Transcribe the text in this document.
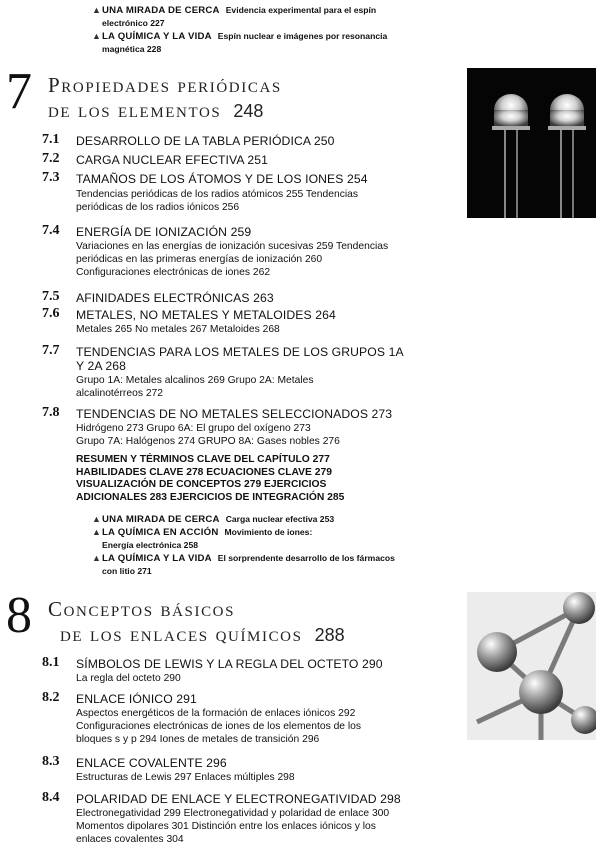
▲UNA MIRADA DE CERCA Evidencia experimental para el espín
electrónico 227
▲LA QUÍMICA Y LA VIDA Espín nuclear e imágenes por resonancia
magnética 228
7 Propiedades periódicas
de los elementos 248
7.1 DESARROLLO DE LA TABLA PERIÓDICA 250
7.2 CARGA NUCLEAR EFECTIVA 251
7.3 TAMAÑOS DE LOS ÁTOMOS Y DE LOS IONES 254
Tendencias periódicas de los radios atómicos 255 Tendencias
periódicas de los radios iónicos 256
7.4 ENERGÍA DE IONIZACIÓN 259
Variaciones en las energías de ionización sucesivas 259 Tendencias
periódicas en las primeras energías de ionización 260
Configuraciones electrónicas de iones 262
7.5 AFINIDADES ELECTRÓNICAS 263
7.6 METALES, NO METALES Y METALOIDES 264
Metales 265 No metales 267 Metaloides 268
7.7 TENDENCIAS PARA LOS METALES DE LOS GRUPOS 1A
Y 2A 268
Grupo 1A: Metales alcalinos 269 Grupo 2A: Metales
alcalinotérreos 272
7.8 TENDENCIAS DE NO METALES SELECCIONADOS 273
Hidrógeno 273 Grupo 6A: El grupo del oxígeno 273
Grupo 7A: Halógenos 274 GRUPO 8A: Gases nobles 276
RESUMEN Y TÉRMINOS CLAVE DEL CAPÍTULO 277
HABILIDADES CLAVE 278 ECUACIONES CLAVE 279
VISUALIZACIÓN DE CONCEPTOS 279 EJERCICIOS
ADICIONALES 283 EJERCICIOS DE INTEGRACIÓN 285
▲UNA MIRADA DE CERCA Carga nuclear efectiva 253
▲LA QUÍMICA EN ACCIÓN Movimiento de iones:
Energía electrónica 258
▲LA QUÍMICA Y LA VIDA El sorprendente desarrollo de los fármacos
con litio 271
8 Conceptos básicos
de los enlaces químicos 288
8.1 SÍMBOLOS DE LEWIS Y LA REGLA DEL OCTETO 290
La regla del octeto 290
8.2 ENLACE IÓNICO 291
Aspectos energéticos de la formación de enlaces iónicos 292
Configuraciones electrónicas de iones de los elementos de los
bloques s y p 294 Iones de metales de transición 296
8.3 ENLACE COVALENTE 296
Estructuras de Lewis 297 Enlaces múltiples 298
8.4 POLARIDAD DE ENLACE Y ELECTRONEGATIVIDAD 298
Electronegatividad 299 Electronegatividad y polaridad de enlace 300
Momentos dipolares 301 Distinción entre los enlaces iónicos y los
enlaces covalentes 304
